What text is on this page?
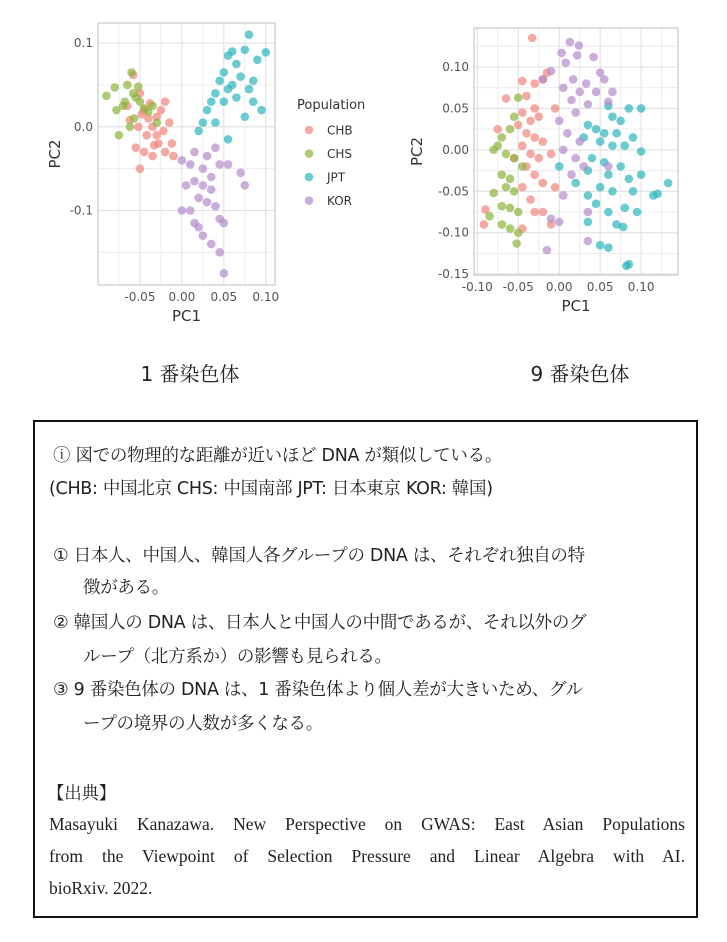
-0.05 0.00 0.05 0.10
0.1
0.0
-0.1
PC1
PC2
Population
CHB
CHS
JPT
KOR
-0.10 -0.05 0.00 0.05 0.10
0.10
0.05
0.00
-0.05
-0.10
-0.15
PC1
PC2
1 番染色体	9 番染色体
ⓘ 図での物理的な距離が近いほど DNA が類似している。
(CHB: 中国北京 CHS: 中国南部 JPT: 日本東京 KOR: 韓国)
① 日本人、中国人、韓国人各グループの DNA は、それぞれ独自の特
徴がある。
② 韓国人の DNA は、日本人と中国人の中間であるが、それ以外のグ
ループ（北方系か）の影響も見られる。
③ 9 番染色体の DNA は、1 番染色体より個人差が大きいため、グル
ープの境界の人数が多くなる。
【出典】
Masayuki Kanazawa. New Perspective on GWAS: East Asian Populations
from the Viewpoint of Selection Pressure and Linear Algebra with AI.
bioRxiv. 2022.
